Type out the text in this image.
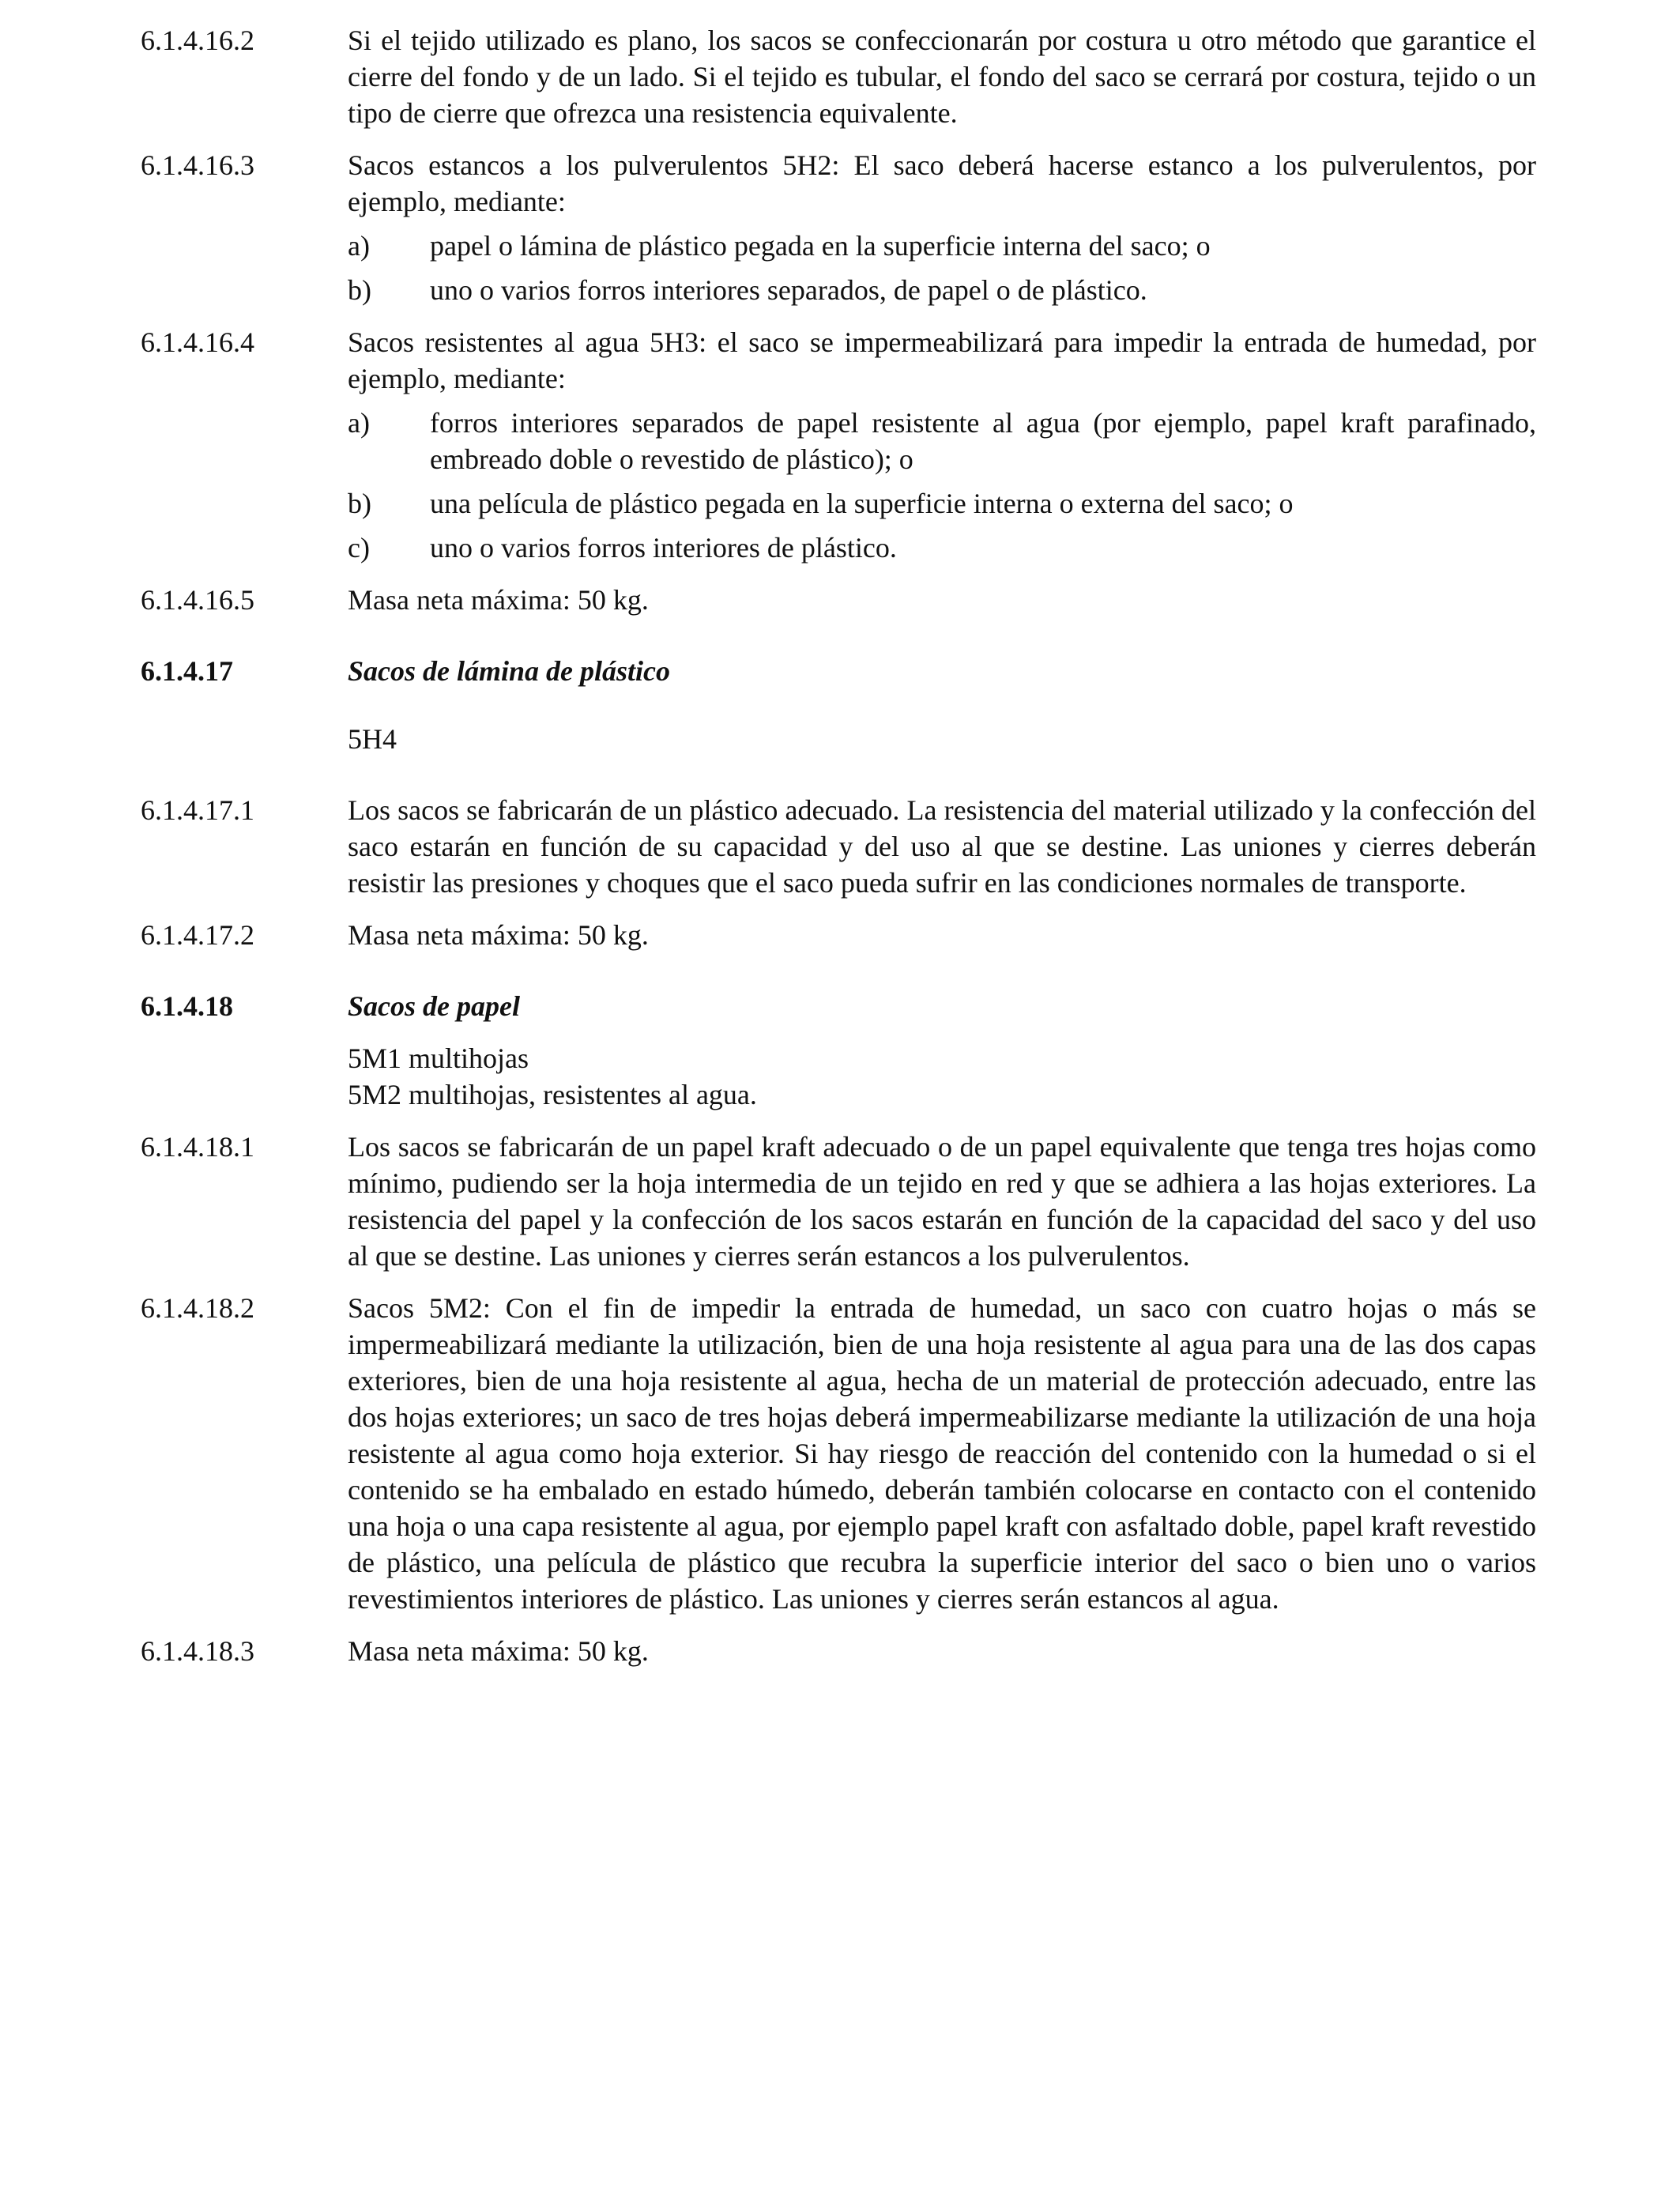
6.1.4.16.2	Si el tejido utilizado es plano, los sacos se confeccionarán por costura u otro método que garantice el cierre del fondo y de un lado. Si el tejido es tubular, el fondo del saco se cerrará por costura, tejido o un tipo de cierre que ofrezca una resistencia equivalente.

6.1.4.16.3	Sacos estancos a los pulverulentos 5H2: El saco deberá hacerse estanco a los pulverulentos, por ejemplo, mediante:

a)	papel o lámina de plástico pegada en la superficie interna del saco; o
b)	uno o varios forros interiores separados, de papel o de plástico.
6.1.4.16.4	Sacos resistentes al agua 5H3: el saco se impermeabilizará para impedir la entrada de humedad, por ejemplo, mediante:

a)	forros interiores separados de papel resistente al agua (por ejemplo, papel kraft parafinado, embreado doble o revestido de plástico); o
b)	una película de plástico pegada en la superficie interna o externa del saco; o
c)	uno o varios forros interiores de plástico.
6.1.4.16.5	Masa neta máxima: 50 kg.

6.1.4.17	Sacos de lámina de plástico
5H4
6.1.4.17.1	Los sacos se fabricarán de un plástico adecuado. La resistencia del material utilizado y la confección del saco estarán en función de su capacidad y del uso al que se destine. Las uniones y cierres deberán resistir las presiones y choques que el saco pueda sufrir en las condiciones normales de transporte.

6.1.4.17.2	Masa neta máxima: 50 kg.

6.1.4.18	Sacos de papel
5M1 multihojas
5M2 multihojas, resistentes al agua.
6.1.4.18.1	Los sacos se fabricarán de un papel kraft adecuado o de un papel equivalente que tenga tres hojas como mínimo, pudiendo ser la hoja intermedia de un tejido en red y que se adhiera a las hojas exteriores. La resistencia del papel y la confección de los sacos estarán en función de la capacidad del saco y del uso al que se destine. Las uniones y cierres serán estancos a los pulverulentos.

6.1.4.18.2	Sacos 5M2: Con el fin de impedir la entrada de humedad, un saco con cuatro hojas o más se impermeabilizará mediante la utilización, bien de una hoja resistente al agua para una de las dos capas exteriores, bien de una hoja resistente al agua, hecha de un material de protección adecuado, entre las dos hojas exteriores; un saco de tres hojas deberá impermeabilizarse mediante la utilización de una hoja resistente al agua como hoja exterior. Si hay riesgo de reacción del contenido con la humedad o si el contenido se ha embalado en estado húmedo, deberán también colocarse en contacto con el contenido una hoja o una capa resistente al agua, por ejemplo papel kraft con asfaltado doble, papel kraft revestido de plástico, una película de plástico que recubra la superficie interior del saco o bien uno o varios revestimientos interiores de plástico. Las uniones y cierres serán estancos al agua.

6.1.4.18.3	Masa neta máxima: 50 kg.
